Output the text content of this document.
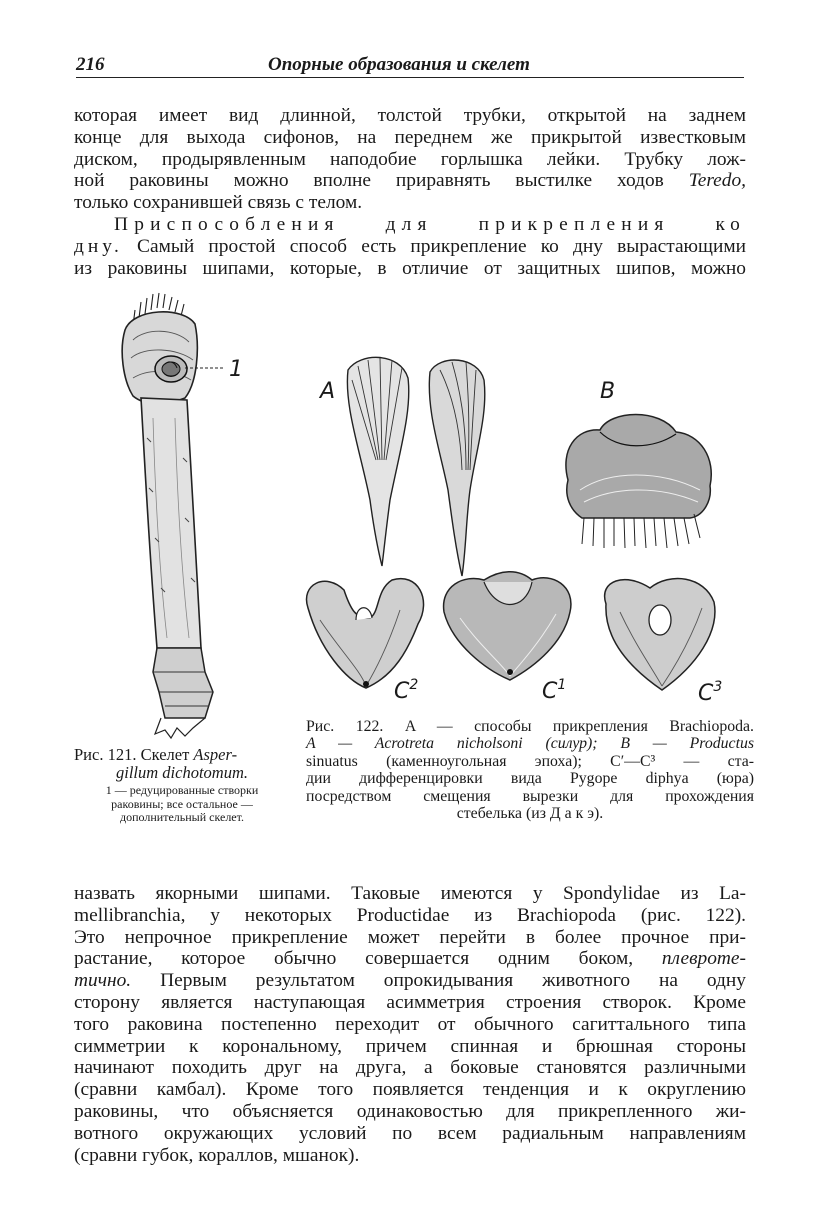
216	Опорные образования и скелет
которая имеет вид длинной, толстой трубки, открытой на заднем
конце для выхода сифонов, на переднем же прикрытой известковым
диском, продырявленным наподобие горлышка лейки. Трубку лож-
ной раковины можно вполне приравнять выстилке ходов Teredo,
только сохранившей связь с телом.
Приспособления для прикрепления ко
дну. Самый простой способ есть прикрепление ко дну вырастающими
из раковины шипами, которые, в отличие от защитных шипов, можно
1
A	B
$C^2$	$C^1$	$C^3$
Рис. 121. Скелет Asper-
gillum dichotomum.
1 — редуцированные створки
раковины; все остальное —
дополнительный скелет.
Рис. 122. A — способы прикрепления Brachiopoda.
A — Acrotreta nicholsoni (силур); B — Productus
sinuatus (каменноугольная эпоха); C′—C³ — ста-
дии дифференцировки вида Pygope diphya (юра)
посредством смещения вырезки для прохождения
стебелька (из Д а к э).
назвать якорными шипами. Таковые имеются у Spondylidae из La-
mellibranchia, у некоторых Productidae из Brachiopoda (рис. 122).
Это непрочное прикрепление может перейти в более прочное при-
растание, которое обычно совершается одним боком, плевроте-
тично. Первым результатом опрокидывания животного на одну
сторону является наступающая асимметрия строения створок. Кроме
того раковина постепенно переходит от обычного сагиттального типа
симметрии к корональному, причем спинная и брюшная стороны
начинают походить друг на друга, а боковые становятся различными
(сравни камбал). Кроме того появляется тенденция и к округлению
раковины, что объясняется одинаковостью для прикрепленного жи-
вотного окружающих условий по всем радиальным направлениям
(сравни губок, кораллов, мшанок).
